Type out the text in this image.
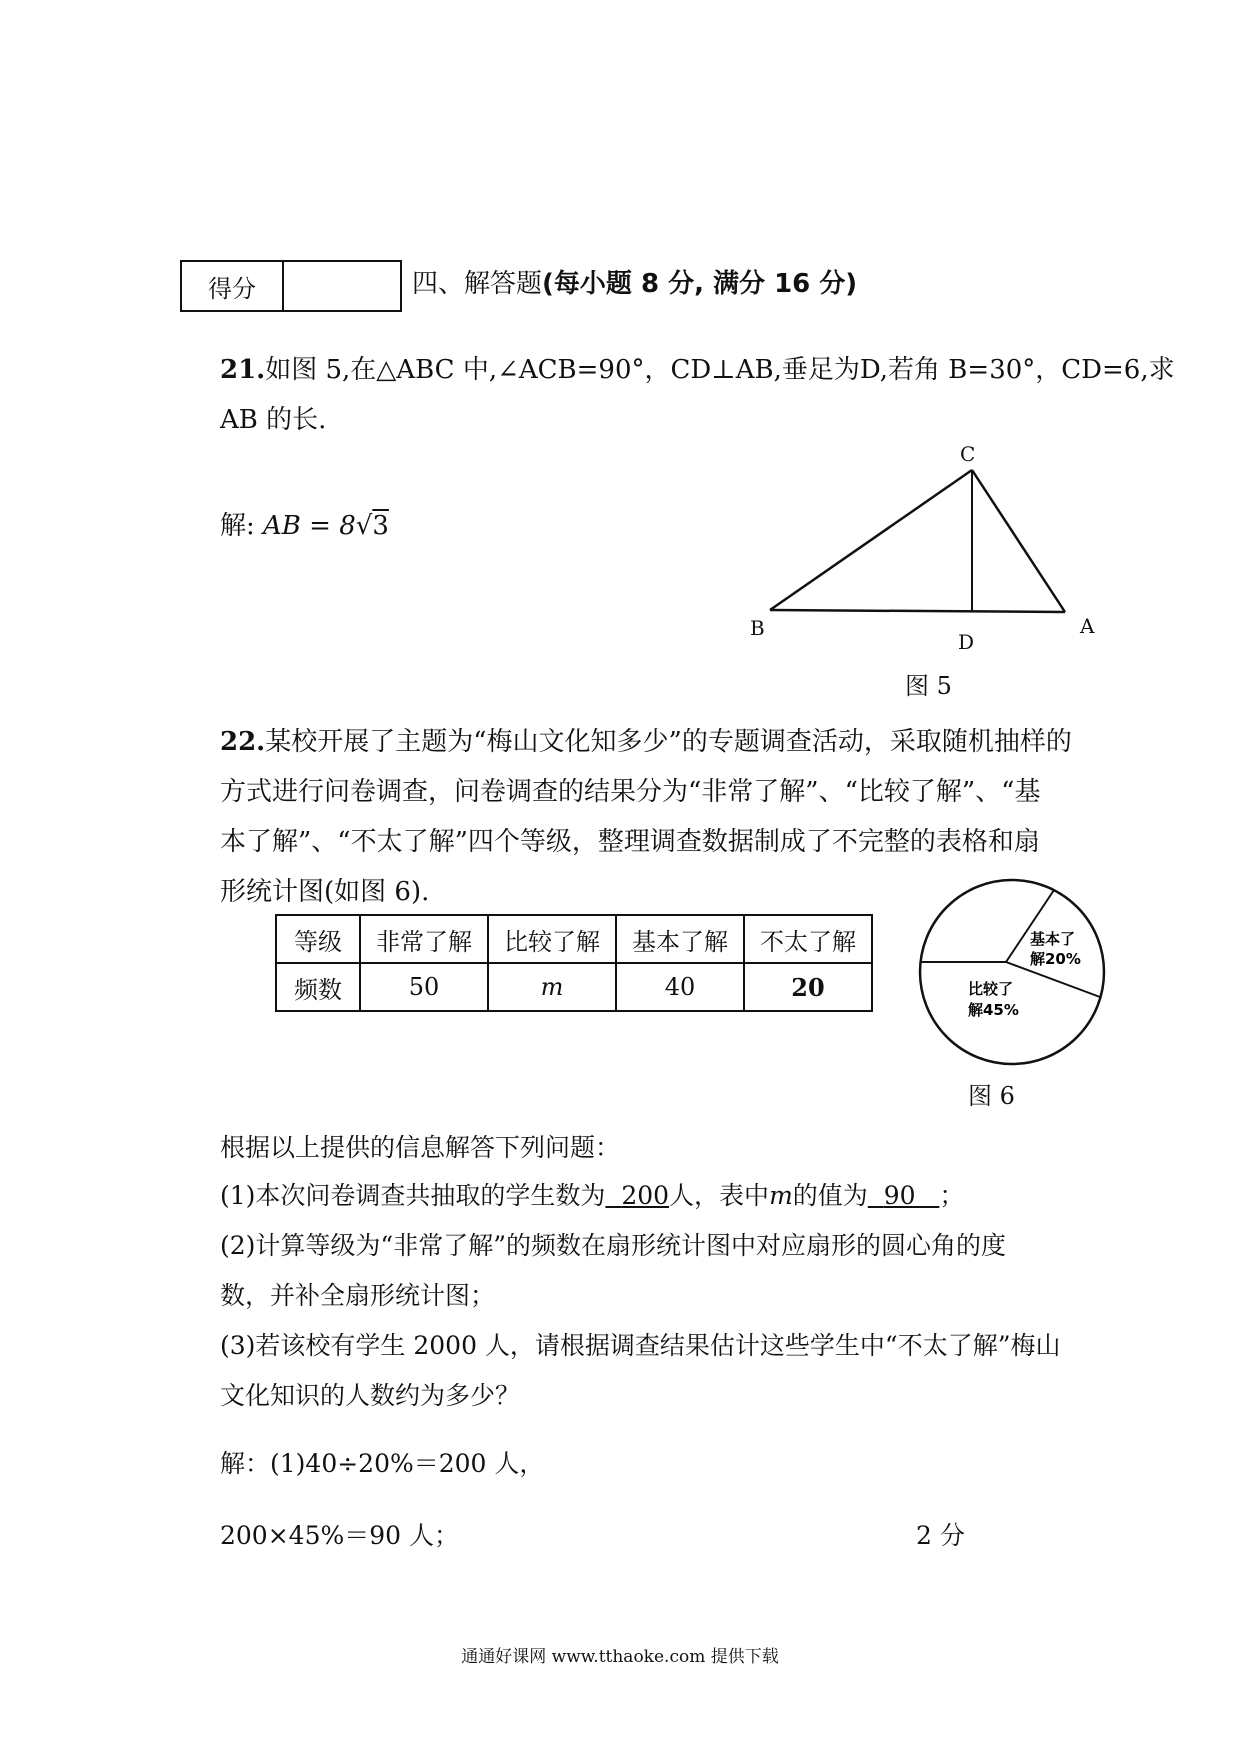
得分	四、解答题(每小题 8 分, 满分 16 分)
21.如图 5,在△ABC 中,∠ACB=90°，CD⊥AB,垂足为D,若角 B=30°，CD=6,求
AB 的长.
解: AB = 8√3
C
B	A
D
图 5
22.某校开展了主题为“梅山文化知多少”的专题调查活动，采取随机抽样的
方式进行问卷调查，问卷调查的结果分为“非常了解”、“比较了解”、“基
本了解”、“不太了解”四个等级，整理调查数据制成了不完整的表格和扇
形统计图(如图 6).
等级	非常了解	比较了解	基本了解	不太了解
频数	50	m	40	20
基本了
解20%
比较了
解45%
图 6
根据以上提供的信息解答下列问题：
(1)本次问卷调查共抽取的学生数为 200人，表中m的值为 90 ；
(2)计算等级为“非常了解”的频数在扇形统计图中对应扇形的圆心角的度
数，并补全扇形统计图；
(3)若该校有学生 2000 人，请根据调查结果估计这些学生中“不太了解”梅山
文化知识的人数约为多少？
解：(1)40÷20%＝200 人，
200×45%＝90 人；	2 分
通通好课网 www.tthaoke.com 提供下载
